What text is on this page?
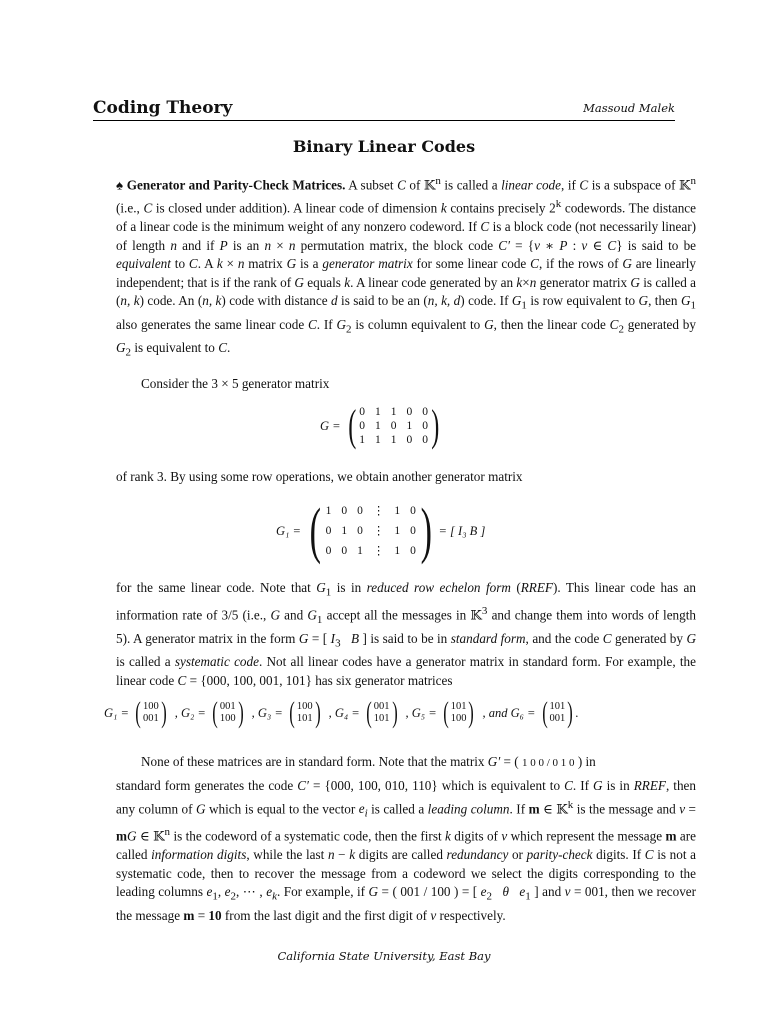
Coding Theory	Massoud Malek
Binary Linear Codes
♠ Generator and Parity-Check Matrices. A subset C of 𝕂$^n$ is called a linear code, if C is a subspace of 𝕂$^n$ (i.e., C is closed under addition). A linear code of dimension k contains precisely 2$^k$ codewords. The distance of a linear code is the minimum weight of any nonzero codeword. If C is a block code (not necessarily linear) of length n and if P is an n × n permutation matrix, the block code C′ = {v ∗ P : v ∈ C} is said to be equivalent to C. A k × n matrix G is a generator matrix for some linear code C, if the rows of G are linearly independent; that is if the rank of G equals k. A linear code generated by an k×n generator matrix G is called a (n, k) code. An (n, k) code with distance d is said to be an (n, k, d) code. If $G_1$ is row equivalent to G, then $G_1$ also generates the same linear code C. If $G_2$ is column equivalent to G, then the linear code $C_2$ generated by $G_2$ is equivalent to C.
Consider the 3 × 5 generator matrix
G = ( 0 1 1 0 0
0 1 0 1 0
1 1 1 0 0 )
of rank 3. By using some row operations, we obtain another generator matrix
G₁ = ( 1 0 0 ⋮ 1 0
0 1 0 ⋮ 1 0
0 0 1 ⋮ 1 0 ) = [ I₃ B ]
for the same linear code. Note that $G_1$ is in reduced row echelon form (RREF). This linear code has an information rate of 3/5 (i.e., G and $G_1$ accept all the messages in 𝕂$^3$ and change them into words of length 5). A generator matrix in the form G = [ $I_3$ B ] is said to be in standard form, and the code C generated by G is called a systematic code. Not all linear codes have a generator matrix in standard form. For example, the linear code C = {000, 100, 001, 101} has six generator matrices
G₁ = ( 100
001 ) , G₂ = ( 001
100 ) , G₃ = ( 100
101 ) , G₄ = ( 001
101 ) , G₅ = ( 101
100 ) , and G₆ = ( 101
001 ) .
None of these matrices are in standard form. Note that the matrix G′ = ( 1 0 0 / 0 1 0 ) in
standard form generates the code C′ = {000, 100, 010, 110} which is equivalent to C. If G is in RREF, then any column of G which is equal to the vector $e_i$ is called a leading column. If m ∈ 𝕂$^k$ is the message and v = mG ∈ 𝕂$^n$ is the codeword of a systematic code, then the first k digits of v which represent the message m are called information digits, while the last n − k digits are called redundancy or parity-check digits. If C is not a systematic code, then to recover the message from a codeword we select the digits corresponding to the leading columns $e_1$, $e_2$, ⋯ , $e_k$. For example, if G = ( 001 / 100 ) = [ $e_2$ θ $e_1$ ] and v = 001, then we recover the message m = 10 from the last digit and the first digit of v respectively.
California State University, East Bay
